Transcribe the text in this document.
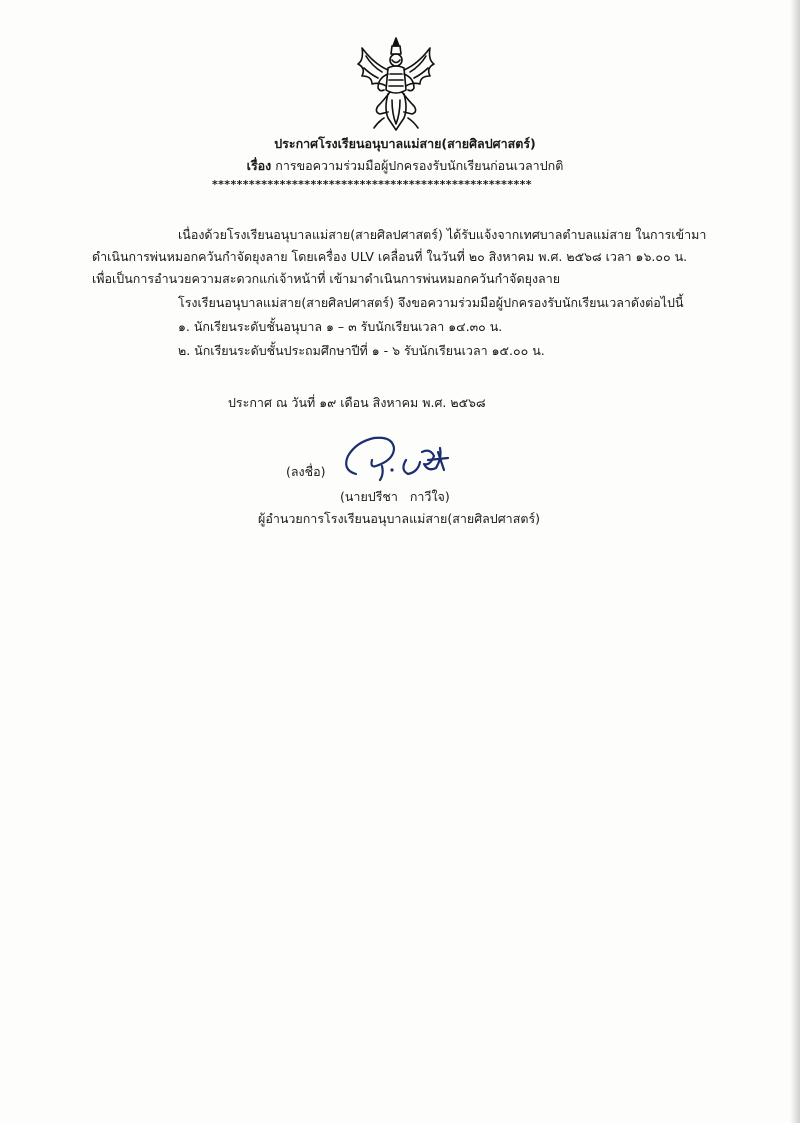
ประกาศโรงเรียนอนุบาลแม่สาย(สายศิลปศาสตร์)
เรื่อง การขอความร่วมมือผู้ปกครองรับนักเรียนก่อนเวลาปกติ
****************************************************
เนื่องด้วยโรงเรียนอนุบาลแม่สาย(สายศิลปศาสตร์) ได้รับแจ้งจากเทศบาลตำบลแม่สาย ในการเข้ามา
ดำเนินการพ่นหมอกควันกำจัดยุงลาย โดยเครื่อง ULV เคลื่อนที่ ในวันที่ ๒๐ สิงหาคม พ.ศ. ๒๕๖๘ เวลา ๑๖.๐๐ น.
เพื่อเป็นการอำนวยความสะดวกแก่เจ้าหน้าที่ เข้ามาดำเนินการพ่นหมอกควันกำจัดยุงลาย
โรงเรียนอนุบาลแม่สาย(สายศิลปศาสตร์) จึงขอความร่วมมือผู้ปกครองรับนักเรียนเวลาดังต่อไปนี้
๑. นักเรียนระดับชั้นอนุบาล ๑ – ๓ รับนักเรียนเวลา ๑๔.๓๐ น.
๒. นักเรียนระดับชั้นประถมศึกษาปีที่ ๑ - ๖ รับนักเรียนเวลา ๑๕.๐๐ น.
ประกาศ ณ วันที่ ๑๙ เดือน สิงหาคม พ.ศ. ๒๕๖๘
(ลงชื่อ)
(นายปรีชา   กาวีใจ)
ผู้อำนวยการโรงเรียนอนุบาลแม่สาย(สายศิลปศาสตร์)
